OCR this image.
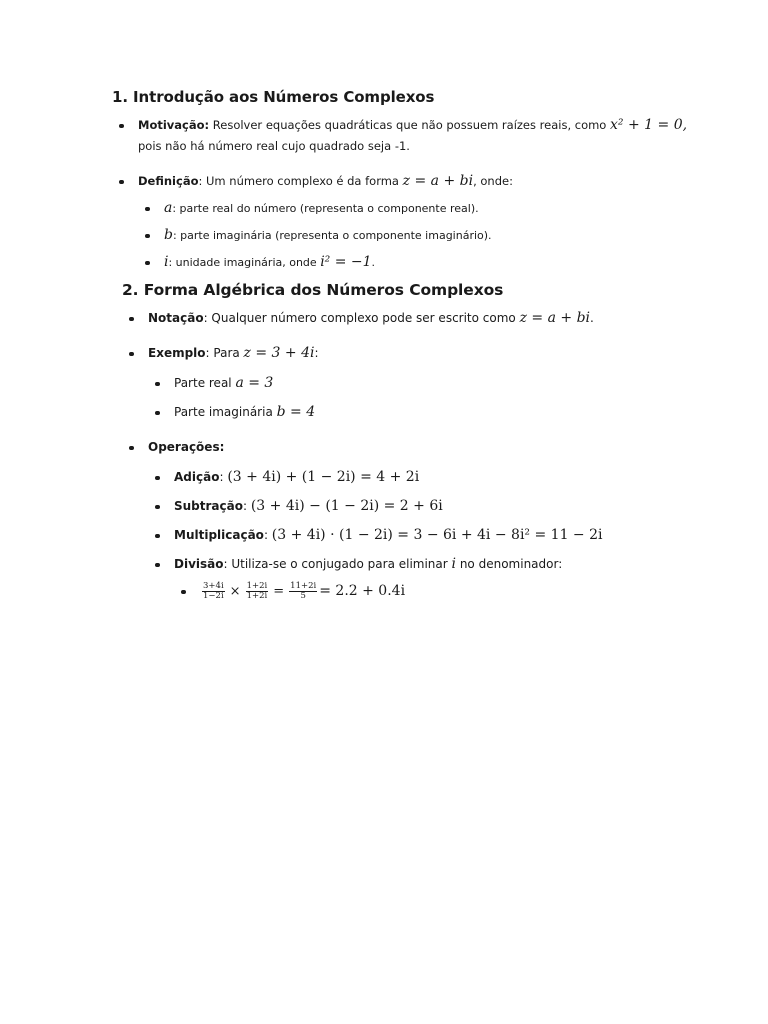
1. Introdução aos Números Complexos
Motivação: Resolver equações quadráticas que não possuem raízes reais, como x² + 1 = 0,
pois não há número real cujo quadrado seja -1.
Definição: Um número complexo é da forma z = a + bi, onde:
a: parte real do número (representa o componente real).
b: parte imaginária (representa o componente imaginário).
i: unidade imaginária, onde i² = −1.
2. Forma Algébrica dos Números Complexos
Notação: Qualquer número complexo pode ser escrito como z = a + bi.
Exemplo: Para z = 3 + 4i:
Parte real a = 3
Parte imaginária b = 4
Operações:
Adição: (3 + 4i) + (1 − 2i) = 4 + 2i
Subtração: (3 + 4i) − (1 − 2i) = 2 + 6i
Multiplicação: (3 + 4i) · (1 − 2i) = 3 − 6i + 4i − 8i² = 11 − 2i
Divisão: Utiliza-se o conjugado para eliminar i no denominador:
$\frac{3+4i}{1-2i} \times \frac{1+2i}{1+2i} = \frac{11+2i}{5} = 2.2 + 0.4i$
